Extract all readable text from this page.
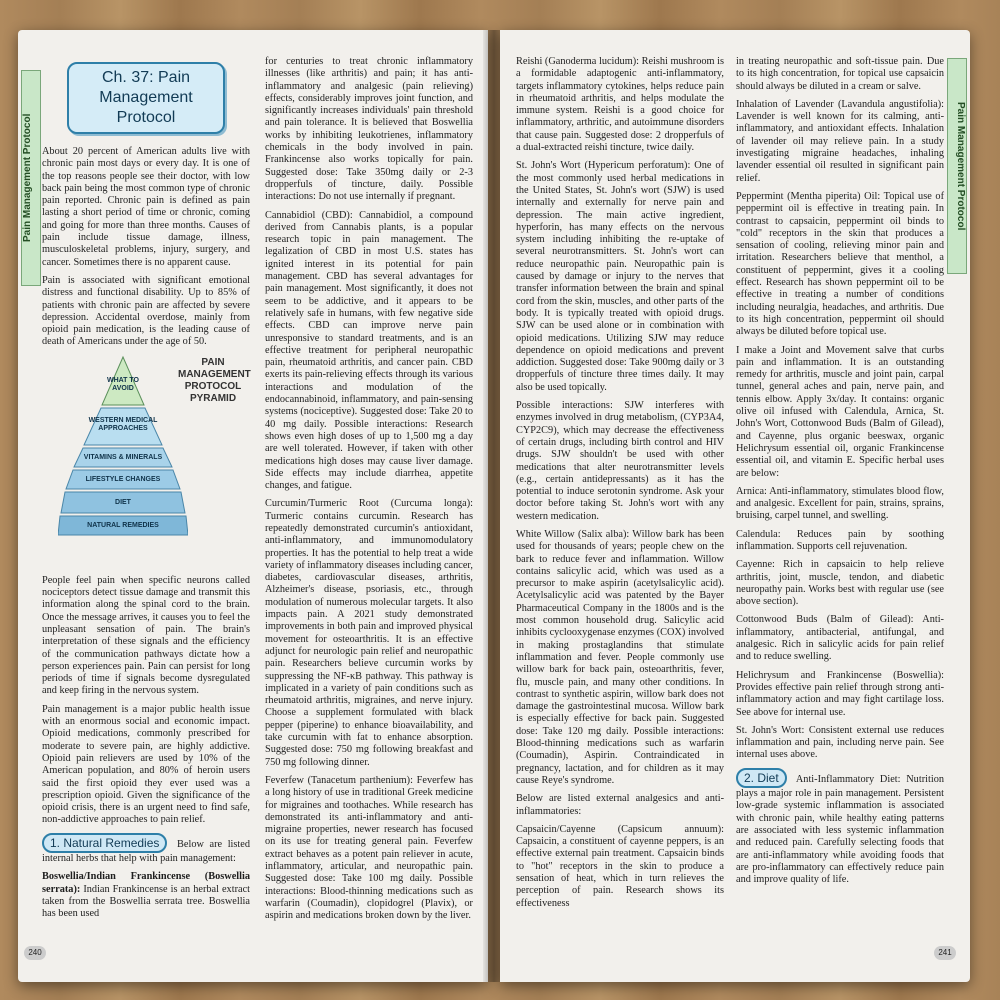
Pain Management Protocol
Ch. 37: Pain Management Protocol

About 20 percent of American adults live with chronic pain most days or every day. It is one of the top reasons people see their doctor, with low back pain being the most common type of chronic pain reported. Chronic pain is defined as pain lasting a short period of time or chronic, coming and going for more than three months. Causes of pain include tissue damage, illness, musculoskeletal problems, injury, surgery, and cancer. Sometimes there is no apparent cause.

Pain is associated with significant emotional distress and functional disability. Up to 85% of patients with chronic pain are affected by severe depression. Accidental overdose, mainly from opioid pain medication, is the leading cause of death of Americans under the age of 50.

WHAT TO AVOID
WESTERN MEDICAL APPROACHES
VITAMINS & MINERALS
LIFESTYLE CHANGES
DIET
NATURAL REMEDIES
PAIN MANAGEMENT PROTOCOL PYRAMID

People feel pain when specific neurons called nociceptors detect tissue damage and transmit this information along the spinal cord to the brain. Once the message arrives, it causes you to feel the unpleasant sensation of pain. The brain's interpretation of these signals and the efficiency of the communication pathways dictate how a person experiences pain. Pain can persist for long periods of time if signals become dysregulated and keep firing in the nervous system.

Pain management is a major public health issue with an enormous social and economic impact. Opioid medications, commonly prescribed for moderate to severe pain, are highly addictive. Opioid pain relievers are used by 10% of the American population, and 80% of heroin users said the first opioid they ever used was a prescription opioid. Given the significance of the opioid crisis, there is an urgent need to find safe, non-addictive approaches to pain relief.

1. Natural Remedies Below are listed internal herbs that help with pain management:

Boswellia/Indian Frankincense (Boswellia serrata): Indian Frankincense is an herbal extract taken from the Boswellia serrata tree. Boswellia has been used

for centuries to treat chronic inflammatory illnesses (like arthritis) and pain; it has anti-inflammatory and analgesic (pain relieving) effects, considerably improves joint function, and significantly increases individuals' pain threshold and pain tolerance. It is believed that Boswellia works by inhibiting leukotrienes, inflammatory chemicals in the body involved in pain. Frankincense also works topically for pain. Suggested dose: Take 350mg daily or 2-3 dropperfuls of tincture, daily. Possible interactions: Do not use internally if pregnant.

Cannabidiol (CBD): Cannabidiol, a compound derived from Cannabis plants, is a popular research topic in pain management. The legalization of CBD in most U.S. states has ignited interest in its potential for pain management. CBD has several advantages for pain management. Most significantly, it does not seem to be addictive, and it appears to be relatively safe in humans, with few negative side effects. CBD can improve nerve pain unresponsive to standard treatments, and is an effective treatment for peripheral neuropathic pain, rheumatoid arthritis, and cancer pain. CBD exerts its pain-relieving effects through its various interactions and modulation of the endocannabinoid, inflammatory, and pain-sensing systems (nociceptive). Suggested dose: Take 20 to 40 mg daily. Possible interactions: Research shows even high doses of up to 1,500 mg a day are well tolerated. However, if taken with other medications high doses may cause liver damage. Side effects may include diarrhea, appetite changes, and fatigue.

Curcumin/Turmeric Root (Curcuma longa): Turmeric contains curcumin. Research has repeatedly demonstrated curcumin's antioxidant, anti-inflammatory, and immunomodulatory properties. It has the potential to help treat a wide variety of inflammatory diseases including cancer, diabetes, cardiovascular diseases, arthritis, Alzheimer's disease, psoriasis, etc., through modulation of numerous molecular targets. It also impacts pain. A 2021 study demonstrated improvements in both pain and improved physical movement for osteoarthritis. It is an effective adjunct for neurologic pain relief and neuropathic pain. Researchers believe curcumin works by suppressing the NF-κB pathway. This pathway is implicated in a variety of pain conditions such as rheumatoid arthritis, migraines, and nerve injury. Choose a supplement formulated with black pepper (piperine) to enhance bioavailability, and take curcumin with fat to enhance absorption. Suggested dose: 750 mg following breakfast and 750 mg following dinner.

Feverfew (Tanacetum parthenium): Feverfew has a long history of use in traditional Greek medicine for migraines and toothaches. While research has demonstrated its anti-inflammatory and anti-migraine properties, newer research has focused on its use for treating general pain. Feverfew extract behaves as a potent pain reliever in acute, inflammatory, articular, and neuropathic pain. Suggested dose: Take 100 mg daily. Possible interactions: Blood-thinning medications such as warfarin (Coumadin), clopidogrel (Plavix), or aspirin and medications broken down by the liver.

240
Pain Management Protocol

Reishi (Ganoderma lucidum): Reishi mushroom is a formidable adaptogenic anti-inflammatory, targets inflammatory cytokines, helps reduce pain in rheumatoid arthritis, and helps modulate the immune system. Reishi is a good choice for inflammatory, arthritic, and autoimmune disorders that cause pain. Suggested dose: 2 dropperfuls of a dual-extracted reishi tincture, twice daily.

St. John's Wort (Hypericum perforatum): One of the most commonly used herbal medications in the United States, St. John's wort (SJW) is used internally and externally for nerve pain and depression. The main active ingredient, hyperforin, has many effects on the nervous system including inhibiting the re-uptake of several neurotransmitters. St. John's wort can reduce neuropathic pain. Neuropathic pain is caused by damage or injury to the nerves that transfer information between the brain and spinal cord from the skin, muscles, and other parts of the body. It is typically treated with opioid drugs. SJW can be used alone or in combination with opioid medications. Utilizing SJW may reduce dependence on opioid medications and prevent addiction. Suggested dose: Take 900mg daily or 3 dropperfuls of tincture three times daily. It may also be used topically.

Possible interactions: SJW interferes with enzymes involved in drug metabolism, (CYP3A4, CYP2C9), which may decrease the effectiveness of certain drugs, including birth control and HIV drugs. SJW shouldn't be used with other medications that alter neurotransmitter levels (e.g., certain antidepressants) as it has the potential to induce serotonin syndrome. Ask your doctor before taking St. John's wort with any western medication.

White Willow (Salix alba): Willow bark has been used for thousands of years; people chew on the bark to reduce fever and inflammation. Willow contains salicylic acid, which was used as a precursor to make aspirin (acetylsalicylic acid). Acetylsalicylic acid was patented by the Bayer Pharmaceutical Company in the 1800s and is the most common household drug. Salicylic acid inhibits cyclooxygenase enzymes (COX) involved in making prostaglandins that stimulate inflammation and fever. People commonly use willow bark for back pain, osteoarthritis, fever, flu, muscle pain, and many other conditions. In contrast to synthetic aspirin, willow bark does not damage the gastrointestinal mucosa. Willow bark is especially effective for back pain. Suggested dose: Take 120 mg daily. Possible interactions: Blood-thinning medications such as warfarin (Coumadin), Aspirin. Contraindicated in pregnancy, lactation, and for children as it may cause Reye's syndrome.

Below are listed external analgesics and anti-inflammatories:

Capsaicin/Cayenne (Capsicum annuum): Capsaicin, a constituent of cayenne peppers, is an effective external pain treatment. Capsaicin binds to "hot" receptors in the skin to produce a sensation of heat, which in turn relieves the perception of pain. Research shows its effectiveness

in treating neuropathic and soft-tissue pain. Due to its high concentration, for topical use capsaicin should always be diluted in a cream or salve.

Inhalation of Lavender (Lavandula angustifolia): Lavender is well known for its calming, anti-inflammatory, and antioxidant effects. Inhalation of lavender oil may relieve pain. In a study investigating migraine headaches, inhaling lavender essential oil resulted in significant pain relief.

Peppermint (Mentha piperita) Oil: Topical use of peppermint oil is effective in treating pain. In contrast to capsaicin, peppermint oil binds to "cold" receptors in the skin that produces a sensation of cooling, relieving minor pain and irritation. Researchers believe that menthol, a constituent of peppermint, gives it a cooling effect. Research has shown peppermint oil to be effective in treating a number of conditions including neuralgia, headaches, and arthritis. Due to its high concentration, peppermint oil should always be diluted before topical use.

I make a Joint and Movement salve that curbs pain and inflammation. It is an outstanding remedy for arthritis, muscle and joint pain, carpal tunnel, general aches and pain, nerve pain, and tennis elbow. Apply 3x/day. It contains: organic olive oil infused with Calendula, Arnica, St. John's Wort, Cottonwood Buds (Balm of Gilead), and Cayenne, plus organic beeswax, organic Helichrysum essential oil, organic Frankincense essential oil, and vitamin E. Specific herbal uses are below:

Arnica: Anti-inflammatory, stimulates blood flow, and analgesic. Excellent for pain, strains, sprains, bruising, carpel tunnel, and swelling.

Calendula: Reduces pain by soothing inflammation. Supports cell rejuvenation.

Cayenne: Rich in capsaicin to help relieve arthritis, joint, muscle, tendon, and diabetic neuropathy pain. Works best with regular use (see above section).

Cottonwood Buds (Balm of Gilead): Anti-inflammatory, antibacterial, antifungal, and analgesic. Rich in salicylic acids for pain relief and to reduce swelling.

Helichrysum and Frankincense (Boswellia): Provides effective pain relief through strong anti-inflammatory action and may fight cartilage loss. See above for internal use.

St. John's Wort: Consistent external use reduces inflammation and pain, including nerve pain. See internal uses above.

2. Diet Anti-Inflammatory Diet: Nutrition plays a major role in pain management. Persistent low-grade systemic inflammation is associated with chronic pain, while healthy eating patterns are associated with less systemic inflammation and reduced pain. Carefully selecting foods that are anti-inflammatory while avoiding foods that are pro-inflammatory can effectively reduce pain and improve quality of life.

241
